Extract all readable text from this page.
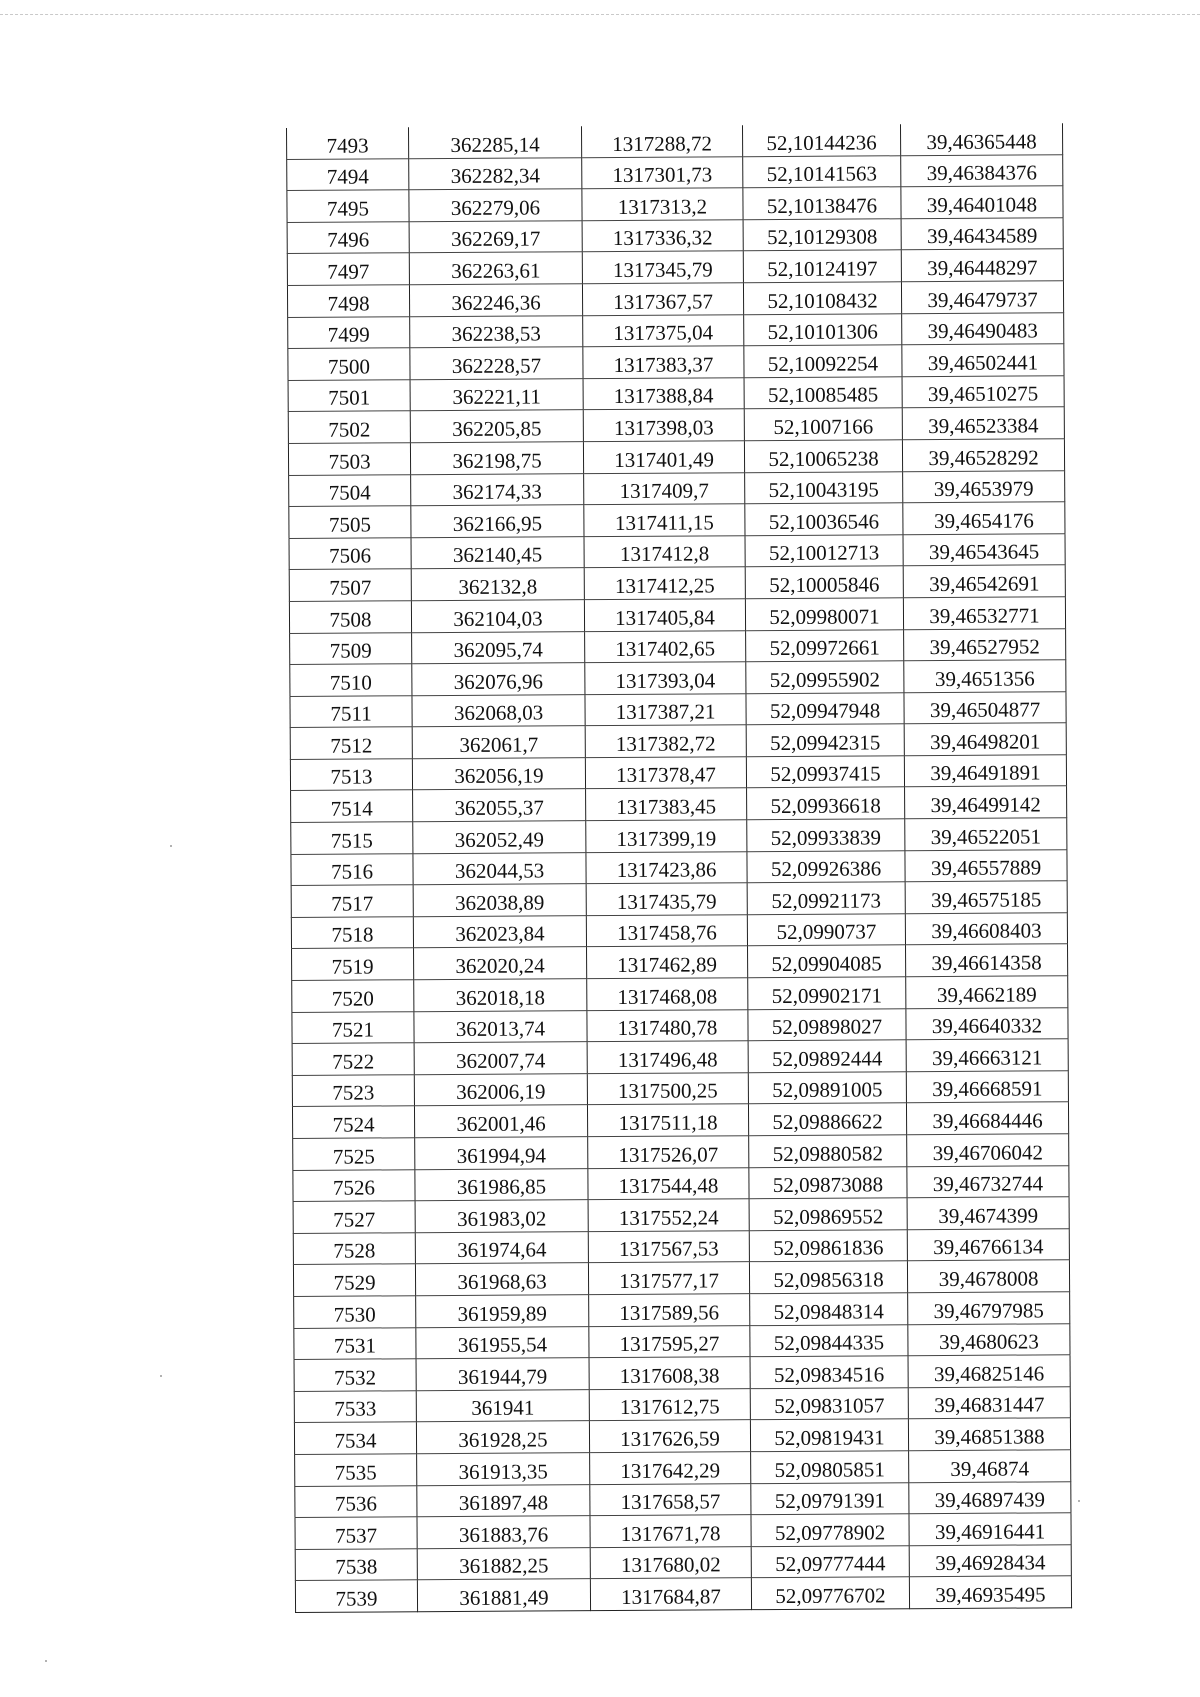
7493	362285,14	1317288,72	52,10144236	39,46365448
7494	362282,34	1317301,73	52,10141563	39,46384376
7495	362279,06	1317313,2	52,10138476	39,46401048
7496	362269,17	1317336,32	52,10129308	39,46434589
7497	362263,61	1317345,79	52,10124197	39,46448297
7498	362246,36	1317367,57	52,10108432	39,46479737
7499	362238,53	1317375,04	52,10101306	39,46490483
7500	362228,57	1317383,37	52,10092254	39,46502441
7501	362221,11	1317388,84	52,10085485	39,46510275
7502	362205,85	1317398,03	52,1007166	39,46523384
7503	362198,75	1317401,49	52,10065238	39,46528292
7504	362174,33	1317409,7	52,10043195	39,4653979
7505	362166,95	1317411,15	52,10036546	39,4654176
7506	362140,45	1317412,8	52,10012713	39,46543645
7507	362132,8	1317412,25	52,10005846	39,46542691
7508	362104,03	1317405,84	52,09980071	39,46532771
7509	362095,74	1317402,65	52,09972661	39,46527952
7510	362076,96	1317393,04	52,09955902	39,4651356
7511	362068,03	1317387,21	52,09947948	39,46504877
7512	362061,7	1317382,72	52,09942315	39,46498201
7513	362056,19	1317378,47	52,09937415	39,46491891
7514	362055,37	1317383,45	52,09936618	39,46499142
7515	362052,49	1317399,19	52,09933839	39,46522051
7516	362044,53	1317423,86	52,09926386	39,46557889
7517	362038,89	1317435,79	52,09921173	39,46575185
7518	362023,84	1317458,76	52,0990737	39,46608403
7519	362020,24	1317462,89	52,09904085	39,46614358
7520	362018,18	1317468,08	52,09902171	39,4662189
7521	362013,74	1317480,78	52,09898027	39,46640332
7522	362007,74	1317496,48	52,09892444	39,46663121
7523	362006,19	1317500,25	52,09891005	39,46668591
7524	362001,46	1317511,18	52,09886622	39,46684446
7525	361994,94	1317526,07	52,09880582	39,46706042
7526	361986,85	1317544,48	52,09873088	39,46732744
7527	361983,02	1317552,24	52,09869552	39,4674399
7528	361974,64	1317567,53	52,09861836	39,46766134
7529	361968,63	1317577,17	52,09856318	39,4678008
7530	361959,89	1317589,56	52,09848314	39,46797985
7531	361955,54	1317595,27	52,09844335	39,4680623
7532	361944,79	1317608,38	52,09834516	39,46825146
7533	361941	1317612,75	52,09831057	39,46831447
7534	361928,25	1317626,59	52,09819431	39,46851388
7535	361913,35	1317642,29	52,09805851	39,46874
7536	361897,48	1317658,57	52,09791391	39,46897439
7537	361883,76	1317671,78	52,09778902	39,46916441
7538	361882,25	1317680,02	52,09777444	39,46928434
7539	361881,49	1317684,87	52,09776702	39,46935495
